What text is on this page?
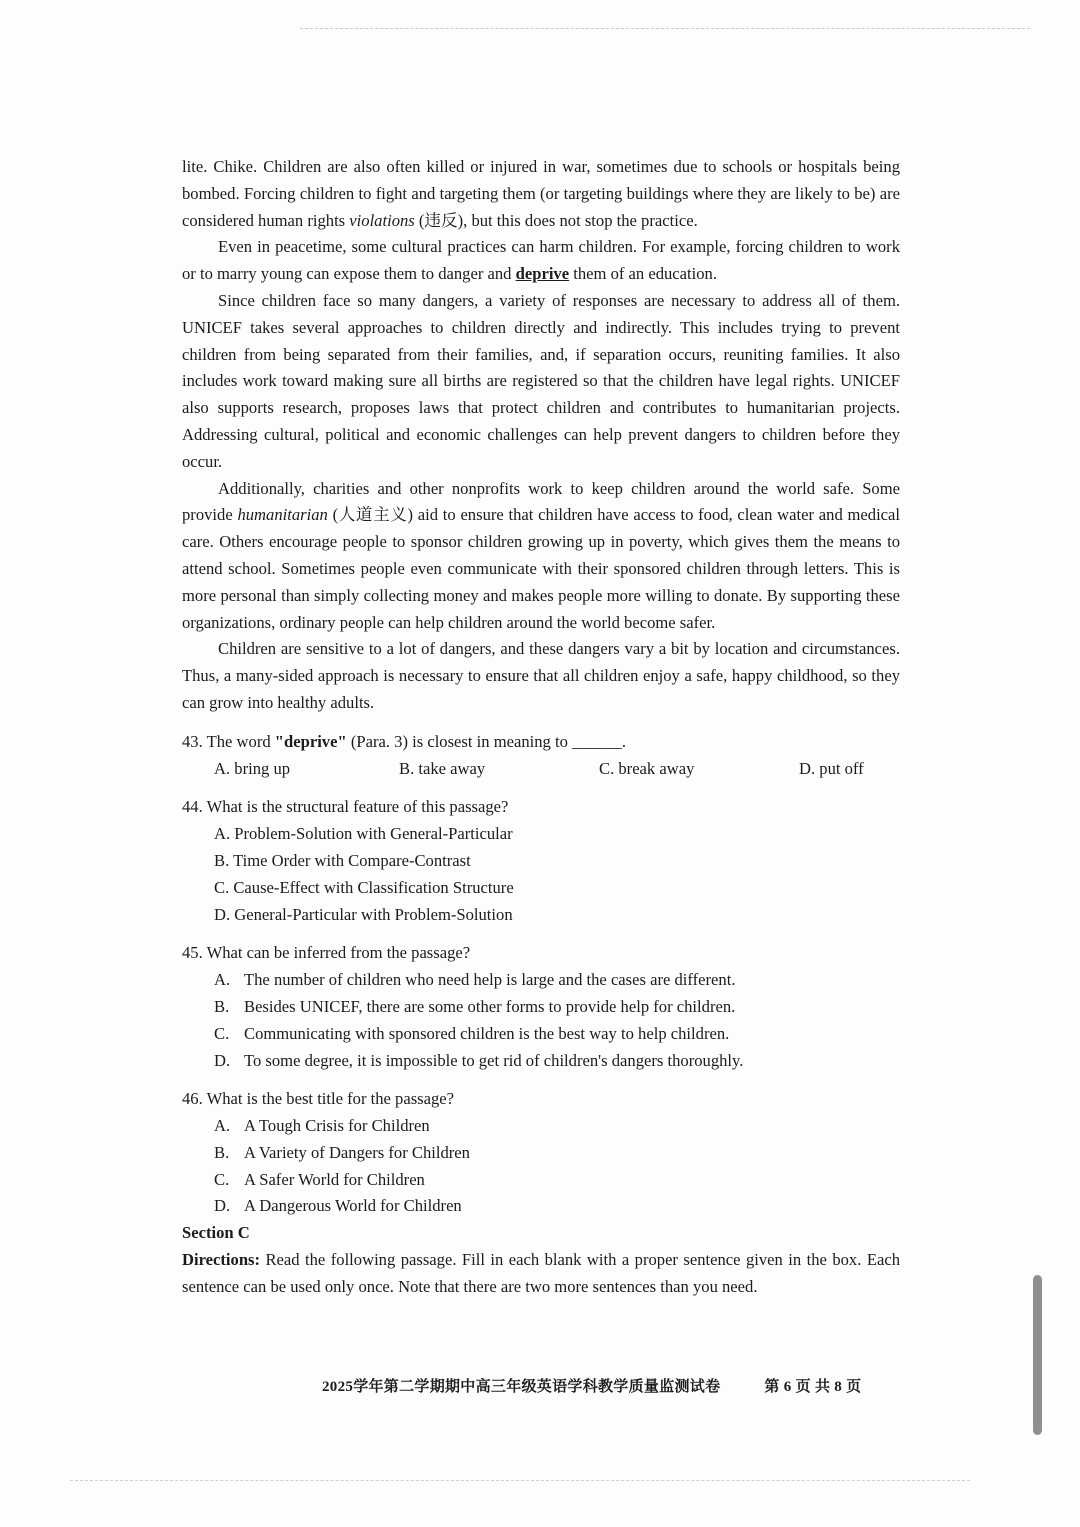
lite. Chike. Children are also often killed or injured in war, sometimes due to schools or hospitals being bombed. Forcing children to fight and targeting them (or targeting buildings where they are likely to be) are considered human rights violations (违反), but this does not stop the practice.

Even in peacetime, some cultural practices can harm children. For example, forcing children to work or to marry young can expose them to danger and deprive them of an education.

Since children face so many dangers, a variety of responses are necessary to address all of them. UNICEF takes several approaches to children directly and indirectly. This includes trying to prevent children from being separated from their families, and, if separation occurs, reuniting families. It also includes work toward making sure all births are registered so that the children have legal rights. UNICEF also supports research, proposes laws that protect children and contributes to humanitarian projects. Addressing cultural, political and economic challenges can help prevent dangers to children before they occur.

Additionally, charities and other nonprofits work to keep children around the world safe. Some provide humanitarian (人道主义) aid to ensure that children have access to food, clean water and medical care. Others encourage people to sponsor children growing up in poverty, which gives them the means to attend school. Sometimes people even communicate with their sponsored children through letters. This is more personal than simply collecting money and makes people more willing to donate. By supporting these organizations, ordinary people can help children around the world become safer.

Children are sensitive to a lot of dangers, and these dangers vary a bit by location and circumstances. Thus, a many-sided approach is necessary to ensure that all children enjoy a safe, happy childhood, so they can grow into healthy adults.

43. The word "deprive" (Para. 3) is closest in meaning to ______.

A. bring up	B. take away	C. break away	D. put off

44. What is the structural feature of this passage?

A. Problem-Solution with General-Particular
B. Time Order with Compare-Contrast
C. Cause-Effect with Classification Structure
D. General-Particular with Problem-Solution

45. What can be inferred from the passage?

A. The number of children who need help is large and the cases are different.
B. Besides UNICEF, there are some other forms to provide help for children.
C. Communicating with sponsored children is the best way to help children.
D. To some degree, it is impossible to get rid of children's dangers thoroughly.

46. What is the best title for the passage?

A. A Tough Crisis for Children
B. A Variety of Dangers for Children
C. A Safer World for Children
D. A Dangerous World for Children

Section C

Directions: Read the following passage. Fill in each blank with a proper sentence given in the box. Each sentence can be used only once. Note that there are two more sentences than you need.

2025学年第二学期期中高三年级英语学科教学质量监测试卷	第 6 页 共 8 页
